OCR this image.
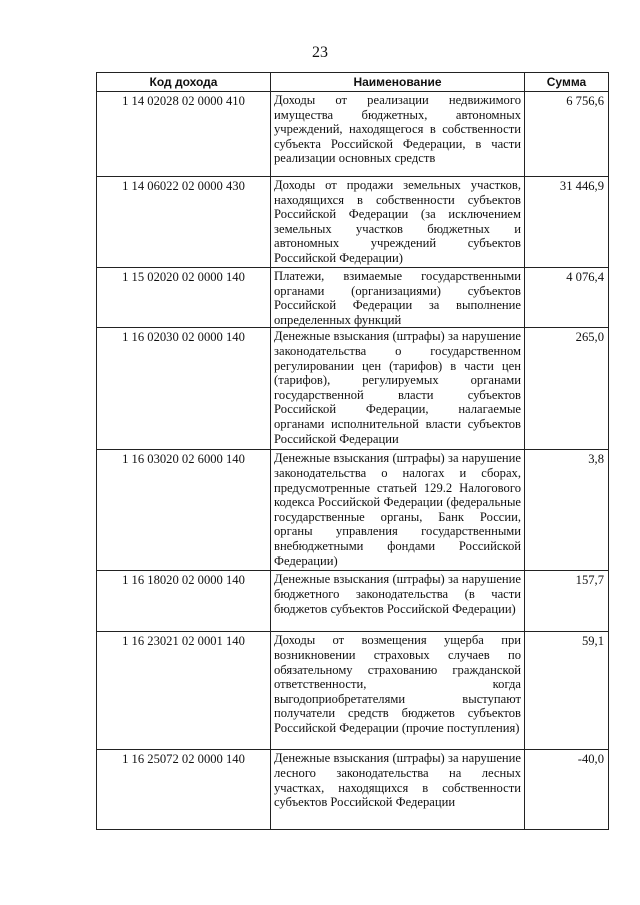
23
Код дохода	Наименование	Сумма
1 14 02028 02 0000 410	Доходы от реализации недвижимого имущества бюджетных, автономных учреждений, находящегося в собственности субъекта Российской Федерации, в части реализации основных средств	6 756,6
1 14 06022 02 0000 430	Доходы от продажи земельных участков, находящихся в собственности субъектов Российской Федерации (за исключением земельных участков бюджетных и автономных учреждений субъектов Российской Федерации)	31 446,9
1 15 02020 02 0000 140	Платежи, взимаемые государственными органами (организациями) субъектов Российской Федерации за выполнение определенных функций	4 076,4
1 16 02030 02 0000 140	Денежные взыскания (штрафы) за нарушение законодательства о государственном регулировании цен (тарифов) в части цен (тарифов), регулируемых органами государственной власти субъектов Российской Федерации, налагаемые органами исполнительной власти субъектов Российской Федерации	265,0
1 16 03020 02 6000 140	Денежные взыскания (штрафы) за нарушение законодательства о налогах и сборах, предусмотренные статьей 129.2 Налогового кодекса Российской Федерации (федеральные государственные органы, Банк России, органы управления государственными внебюджетными фондами Российской Федерации)	3,8
1 16 18020 02 0000 140	Денежные взыскания (штрафы) за нарушение бюджетного законодательства (в части бюджетов субъектов Российской Федерации)	157,7
1 16 23021 02 0001 140	Доходы от возмещения ущерба при возникновении страховых случаев по обязательному страхованию гражданской ответственности, когда выгодоприобретателями выступают получатели средств бюджетов субъектов Российской Федерации (прочие поступления)	59,1
1 16 25072 02 0000 140	Денежные взыскания (штрафы) за нарушение лесного законодательства на лесных участках, находящихся в собственности субъектов Российской Федерации	-40,0
